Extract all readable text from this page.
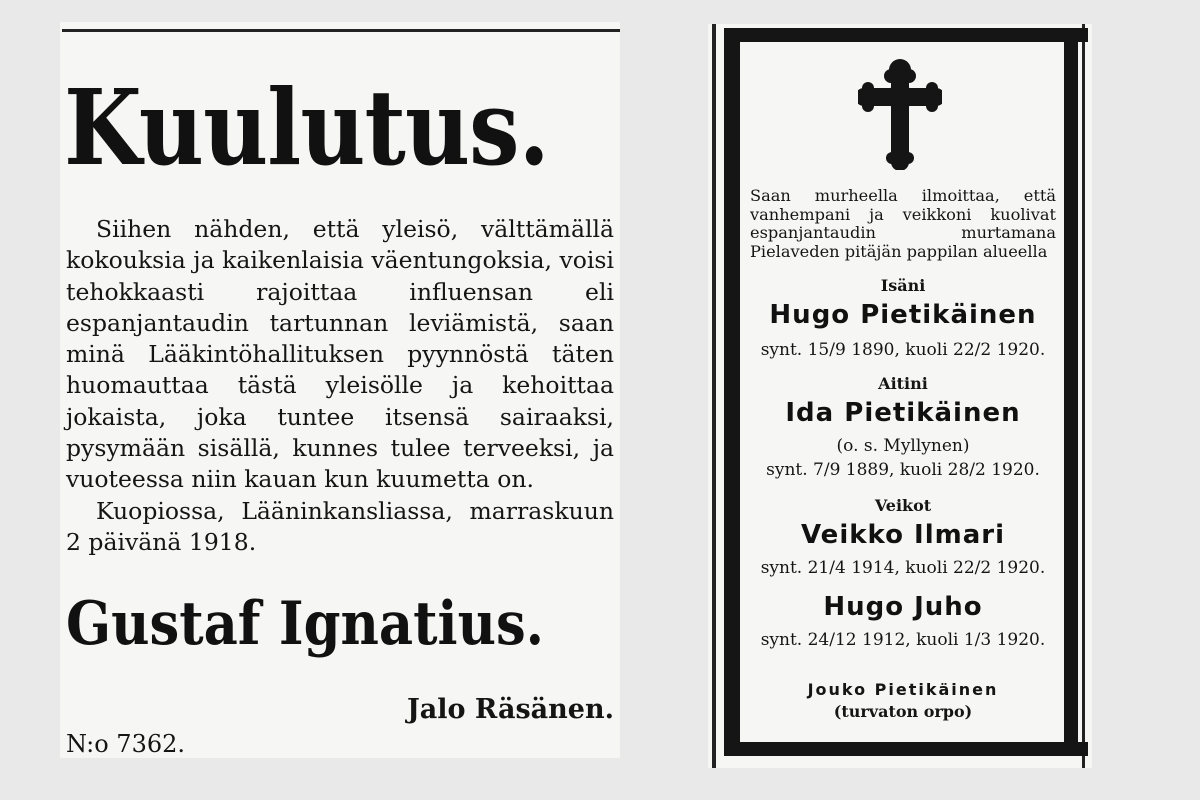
Kuulutus.

Siihen nähden, että yleisö, välttämällä kokouksia ja kaikenlaisia väentungoksia, voisi tehokkaasti rajoittaa influensan eli espanjantaudin tartunnan leviämistä, saan minä Lääkintöhallituksen pyynnöstä täten huomauttaa tästä yleisölle ja kehoittaa jokaista, joka tuntee itsensä sairaaksi, pysymään sisällä, kunnes tulee terveeksi, ja vuoteessa niin kauan kun kuumetta on.

Kuopiossa, Lääninkansliassa, marraskuun 2 päivänä 1918.

Gustaf Ignatius.
Jalo Räsänen.
N:o 7362.

Saan murheella ilmoittaa, että vanhempani ja veikkoni kuolivat espanjantaudin murtamana Pielaveden pitäjän pappilan alueella

Isäni
Hugo Pietikäinen
synt. 15/9 1890, kuoli 22/2 1920.
Aitini
Ida Pietikäinen
(o. s. Myllynen)
synt. 7/9 1889, kuoli 28/2 1920.
Veikot
Veikko Ilmari
synt. 21/4 1914, kuoli 22/2 1920.
Hugo Juho
synt. 24/12 1912, kuoli 1/3 1920.
Jouko Pietikäinen
(turvaton orpo)
